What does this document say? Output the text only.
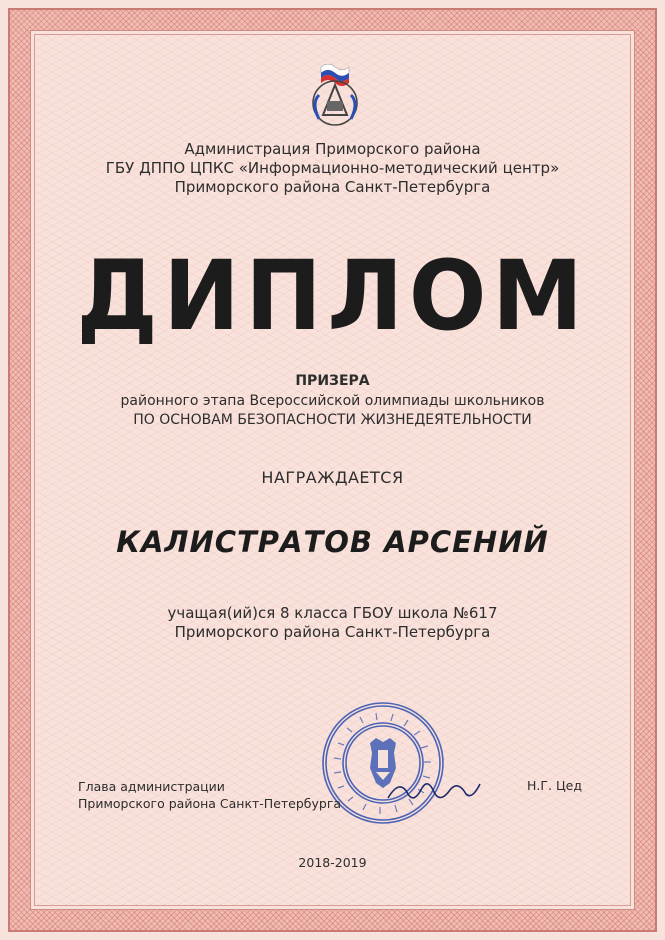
Администрация Приморского района
ГБУ ДППО ЦПКС «Информационно-методический центр»
Приморского района Санкт-Петербурга
ДИПЛОМ
ПРИЗЕРА
районного этапа Всероссийской олимпиады школьников
ПО ОСНОВАМ БЕЗОПАСНОСТИ ЖИЗНЕДЕЯТЕЛЬНОСТИ
НАГРАЖДАЕТСЯ
КАЛИСТРАТОВ АРСЕНИЙ
учащая(ий)ся 8 класса ГБОУ школа №617
Приморского района Санкт-Петербурга
Глава администрации
Приморского района Санкт-Петербурга
Н.Г. Цед
2018-2019
